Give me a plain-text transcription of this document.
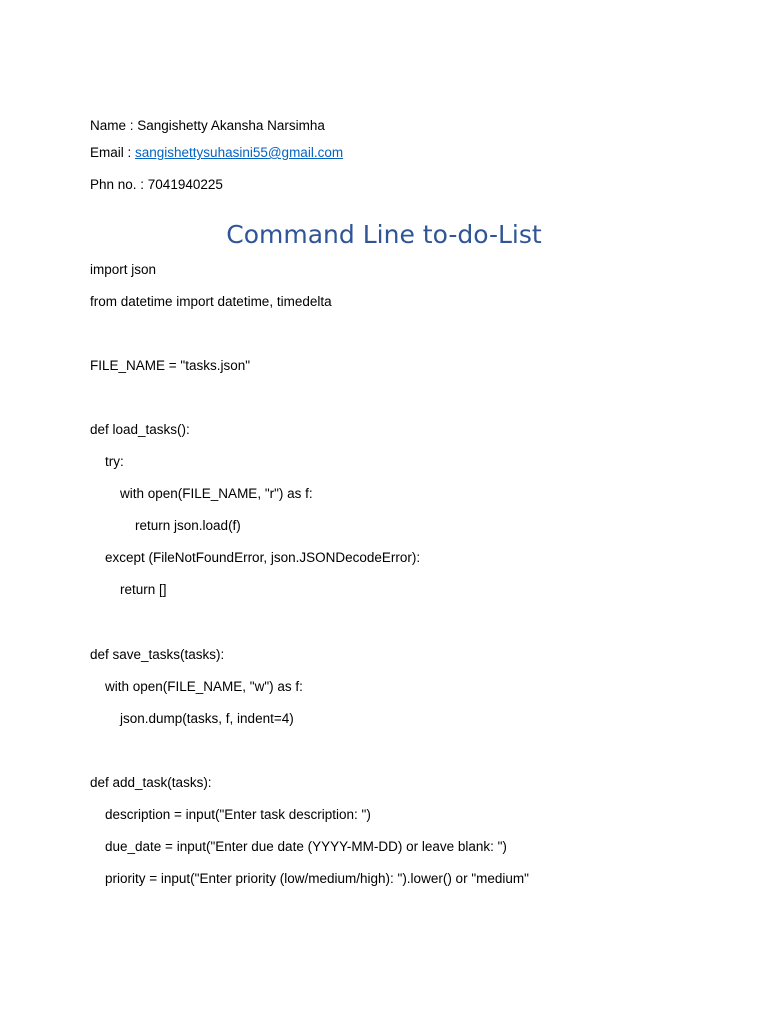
Name : Sangishetty Akansha Narsimha
Email : sangishettysuhasini55@gmail.com
Phn no. : 7041940225
Command Line to-do-List
import json
from datetime import datetime, timedelta
FILE_NAME = "tasks.json"
def load_tasks():
try:
with open(FILE_NAME, "r") as f:
return json.load(f)
except (FileNotFoundError, json.JSONDecodeError):
return []
def save_tasks(tasks):
with open(FILE_NAME, "w") as f:
json.dump(tasks, f, indent=4)
def add_task(tasks):
description = input("Enter task description: ")
due_date = input("Enter due date (YYYY-MM-DD) or leave blank: ")
priority = input("Enter priority (low/medium/high): ").lower() or "medium"
